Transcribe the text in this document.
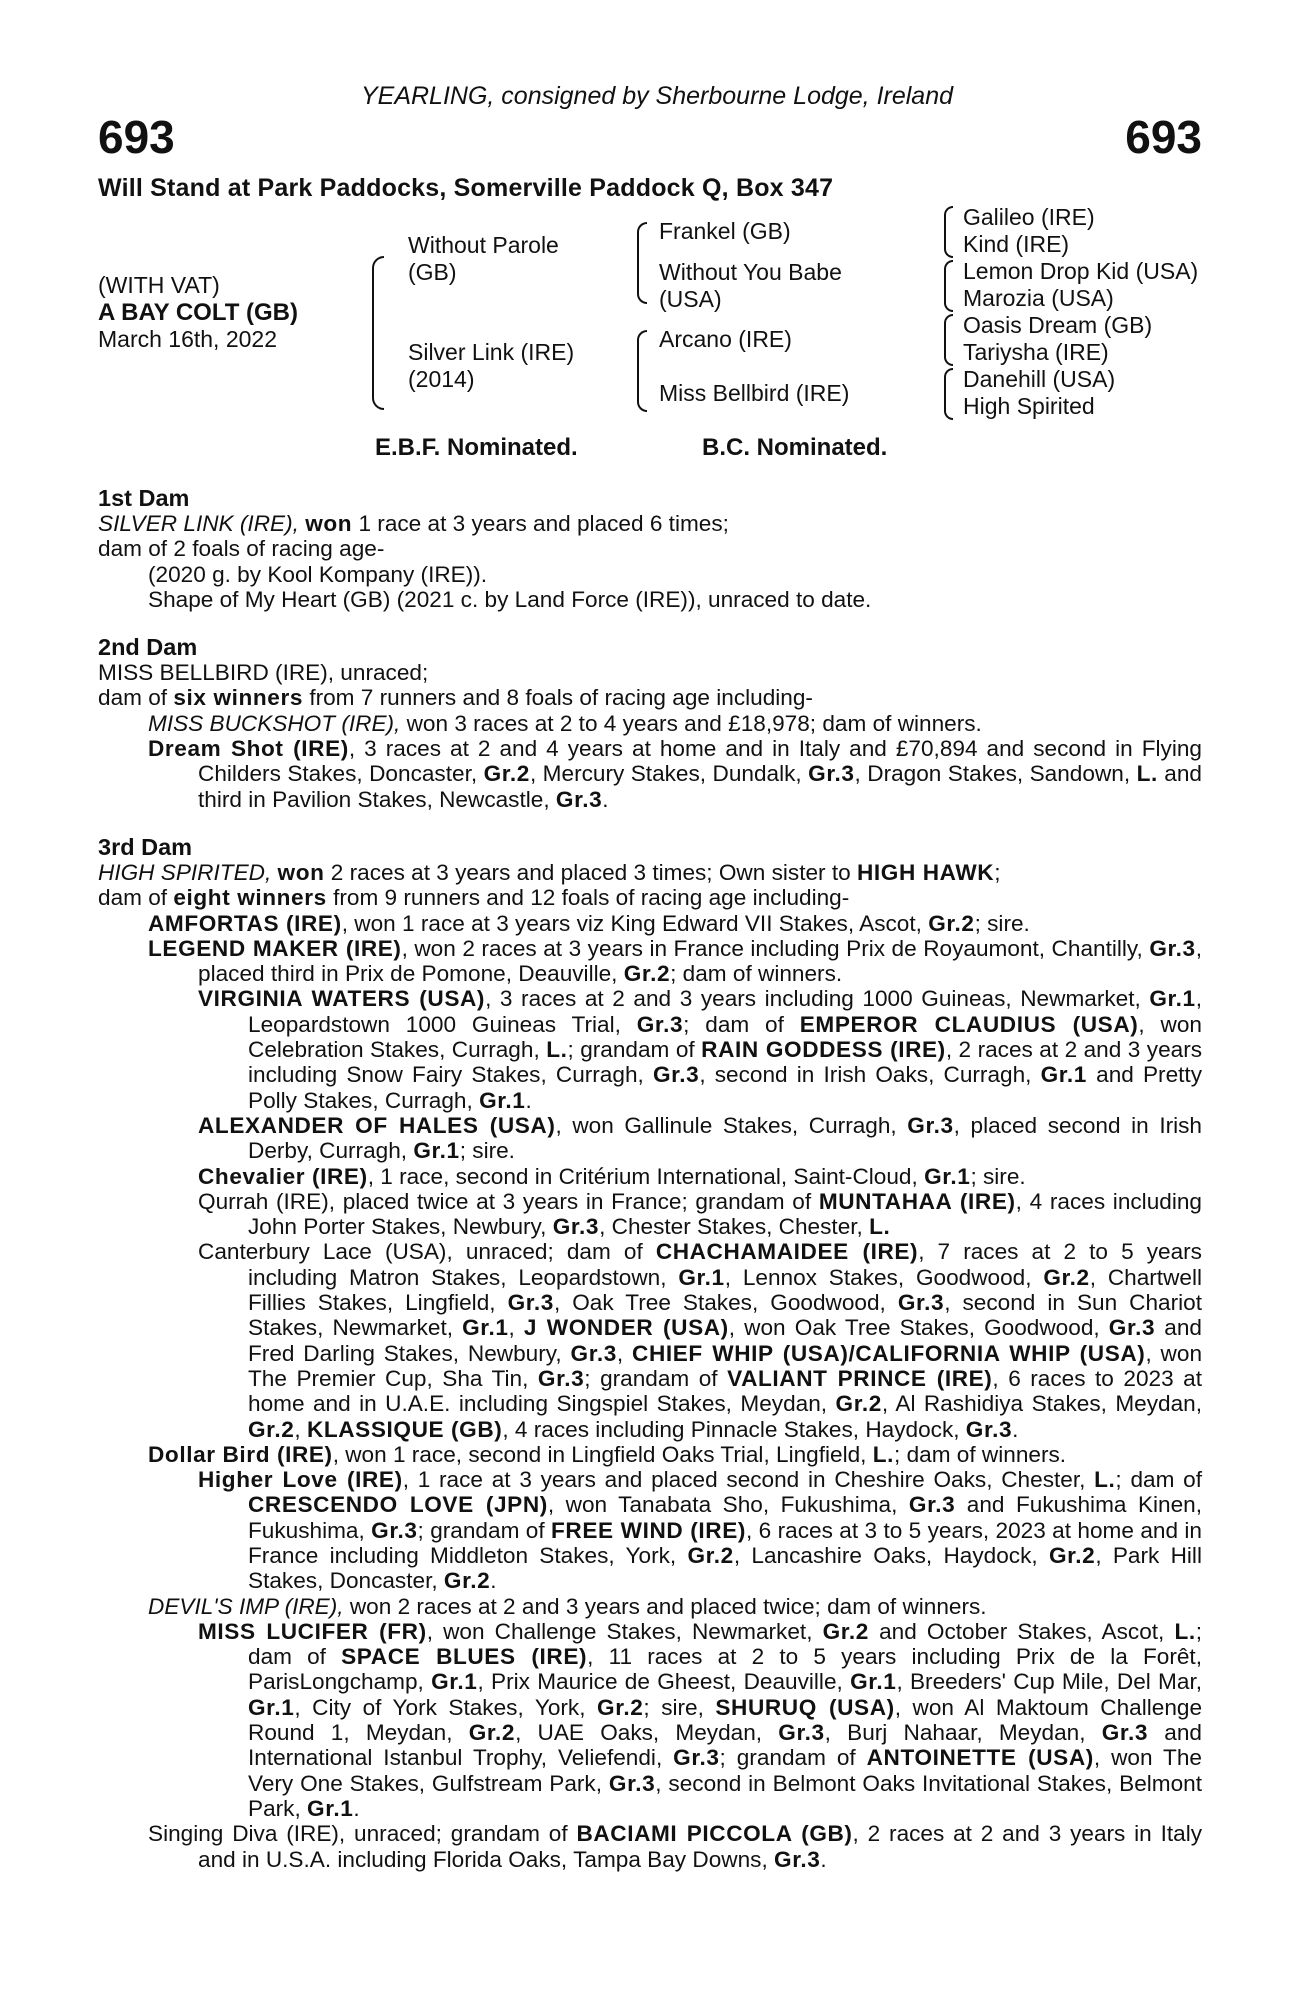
YEARLING, consigned by Sherbourne Lodge, Ireland
693	693
Will Stand at Park Paddocks, Somerville Paddock Q, Box 347
(WITH VAT)
A BAY COLT (GB)
March 16th, 2022
Without Parole
(GB)
Silver Link (IRE)
(2014)
Frankel (GB)
Without You Babe
(USA)
Arcano (IRE)
Miss Bellbird (IRE)
Galileo (IRE)
Kind (IRE)
Lemon Drop Kid (USA)
Marozia (USA)
Oasis Dream (GB)
Tariysha (IRE)
Danehill (USA)
High Spirited
E.B.F. Nominated.	B.C. Nominated.
1st Dam
SILVER LINK (IRE), won 1 race at 3 years and placed 6 times;
dam of 2 foals of racing age-
(2020 g. by Kool Kompany (IRE)).
Shape of My Heart (GB) (2021 c. by Land Force (IRE)), unraced to date.
2nd Dam
MISS BELLBIRD (IRE), unraced;
dam of six winners from 7 runners and 8 foals of racing age including-
MISS BUCKSHOT (IRE), won 3 races at 2 to 4 years and £18,978; dam of winners.
Dream Shot (IRE), 3 races at 2 and 4 years at home and in Italy and £70,894 and second in Flying Childers Stakes, Doncaster, Gr.2, Mercury Stakes, Dundalk, Gr.3, Dragon Stakes, Sandown, L. and third in Pavilion Stakes, Newcastle, Gr.3.
3rd Dam
HIGH SPIRITED, won 2 races at 3 years and placed 3 times; Own sister to HIGH HAWK;
dam of eight winners from 9 runners and 12 foals of racing age including-
AMFORTAS (IRE), won 1 race at 3 years viz King Edward VII Stakes, Ascot, Gr.2; sire.
LEGEND MAKER (IRE), won 2 races at 3 years in France including Prix de Royaumont, Chantilly, Gr.3, placed third in Prix de Pomone, Deauville, Gr.2; dam of winners.
VIRGINIA WATERS (USA), 3 races at 2 and 3 years including 1000 Guineas, Newmarket, Gr.1, Leopardstown 1000 Guineas Trial, Gr.3; dam of EMPEROR CLAUDIUS (USA), won Celebration Stakes, Curragh, L.; grandam of RAIN GODDESS (IRE), 2 races at 2 and 3 years including Snow Fairy Stakes, Curragh, Gr.3, second in Irish Oaks, Curragh, Gr.1 and Pretty Polly Stakes, Curragh, Gr.1.
ALEXANDER OF HALES (USA), won Gallinule Stakes, Curragh, Gr.3, placed second in Irish Derby, Curragh, Gr.1; sire.
Chevalier (IRE), 1 race, second in Critérium International, Saint-Cloud, Gr.1; sire.
Qurrah (IRE), placed twice at 3 years in France; grandam of MUNTAHAA (IRE), 4 races including John Porter Stakes, Newbury, Gr.3, Chester Stakes, Chester, L.
Canterbury Lace (USA), unraced; dam of CHACHAMAIDEE (IRE), 7 races at 2 to 5 years including Matron Stakes, Leopardstown, Gr.1, Lennox Stakes, Goodwood, Gr.2, Chartwell Fillies Stakes, Lingfield, Gr.3, Oak Tree Stakes, Goodwood, Gr.3, second in Sun Chariot Stakes, Newmarket, Gr.1, J WONDER (USA), won Oak Tree Stakes, Goodwood, Gr.3 and Fred Darling Stakes, Newbury, Gr.3, CHIEF WHIP (USA)/CALIFORNIA WHIP (USA), won The Premier Cup, Sha Tin, Gr.3; grandam of VALIANT PRINCE (IRE), 6 races to 2023 at home and in U.A.E. including Singspiel Stakes, Meydan, Gr.2, Al Rashidiya Stakes, Meydan, Gr.2, KLASSIQUE (GB), 4 races including Pinnacle Stakes, Haydock, Gr.3.
Dollar Bird (IRE), won 1 race, second in Lingfield Oaks Trial, Lingfield, L.; dam of winners.
Higher Love (IRE), 1 race at 3 years and placed second in Cheshire Oaks, Chester, L.; dam of CRESCENDO LOVE (JPN), won Tanabata Sho, Fukushima, Gr.3 and Fukushima Kinen, Fukushima, Gr.3; grandam of FREE WIND (IRE), 6 races at 3 to 5 years, 2023 at home and in France including Middleton Stakes, York, Gr.2, Lancashire Oaks, Haydock, Gr.2, Park Hill Stakes, Doncaster, Gr.2.
DEVIL'S IMP (IRE), won 2 races at 2 and 3 years and placed twice; dam of winners.
MISS LUCIFER (FR), won Challenge Stakes, Newmarket, Gr.2 and October Stakes, Ascot, L.; dam of SPACE BLUES (IRE), 11 races at 2 to 5 years including Prix de la Forêt, ParisLongchamp, Gr.1, Prix Maurice de Gheest, Deauville, Gr.1, Breeders' Cup Mile, Del Mar, Gr.1, City of York Stakes, York, Gr.2; sire, SHURUQ (USA), won Al Maktoum Challenge Round 1, Meydan, Gr.2, UAE Oaks, Meydan, Gr.3, Burj Nahaar, Meydan, Gr.3 and International Istanbul Trophy, Veliefendi, Gr.3; grandam of ANTOINETTE (USA), won The Very One Stakes, Gulfstream Park, Gr.3, second in Belmont Oaks Invitational Stakes, Belmont Park, Gr.1.
Singing Diva (IRE), unraced; grandam of BACIAMI PICCOLA (GB), 2 races at 2 and 3 years in Italy and in U.S.A. including Florida Oaks, Tampa Bay Downs, Gr.3.
